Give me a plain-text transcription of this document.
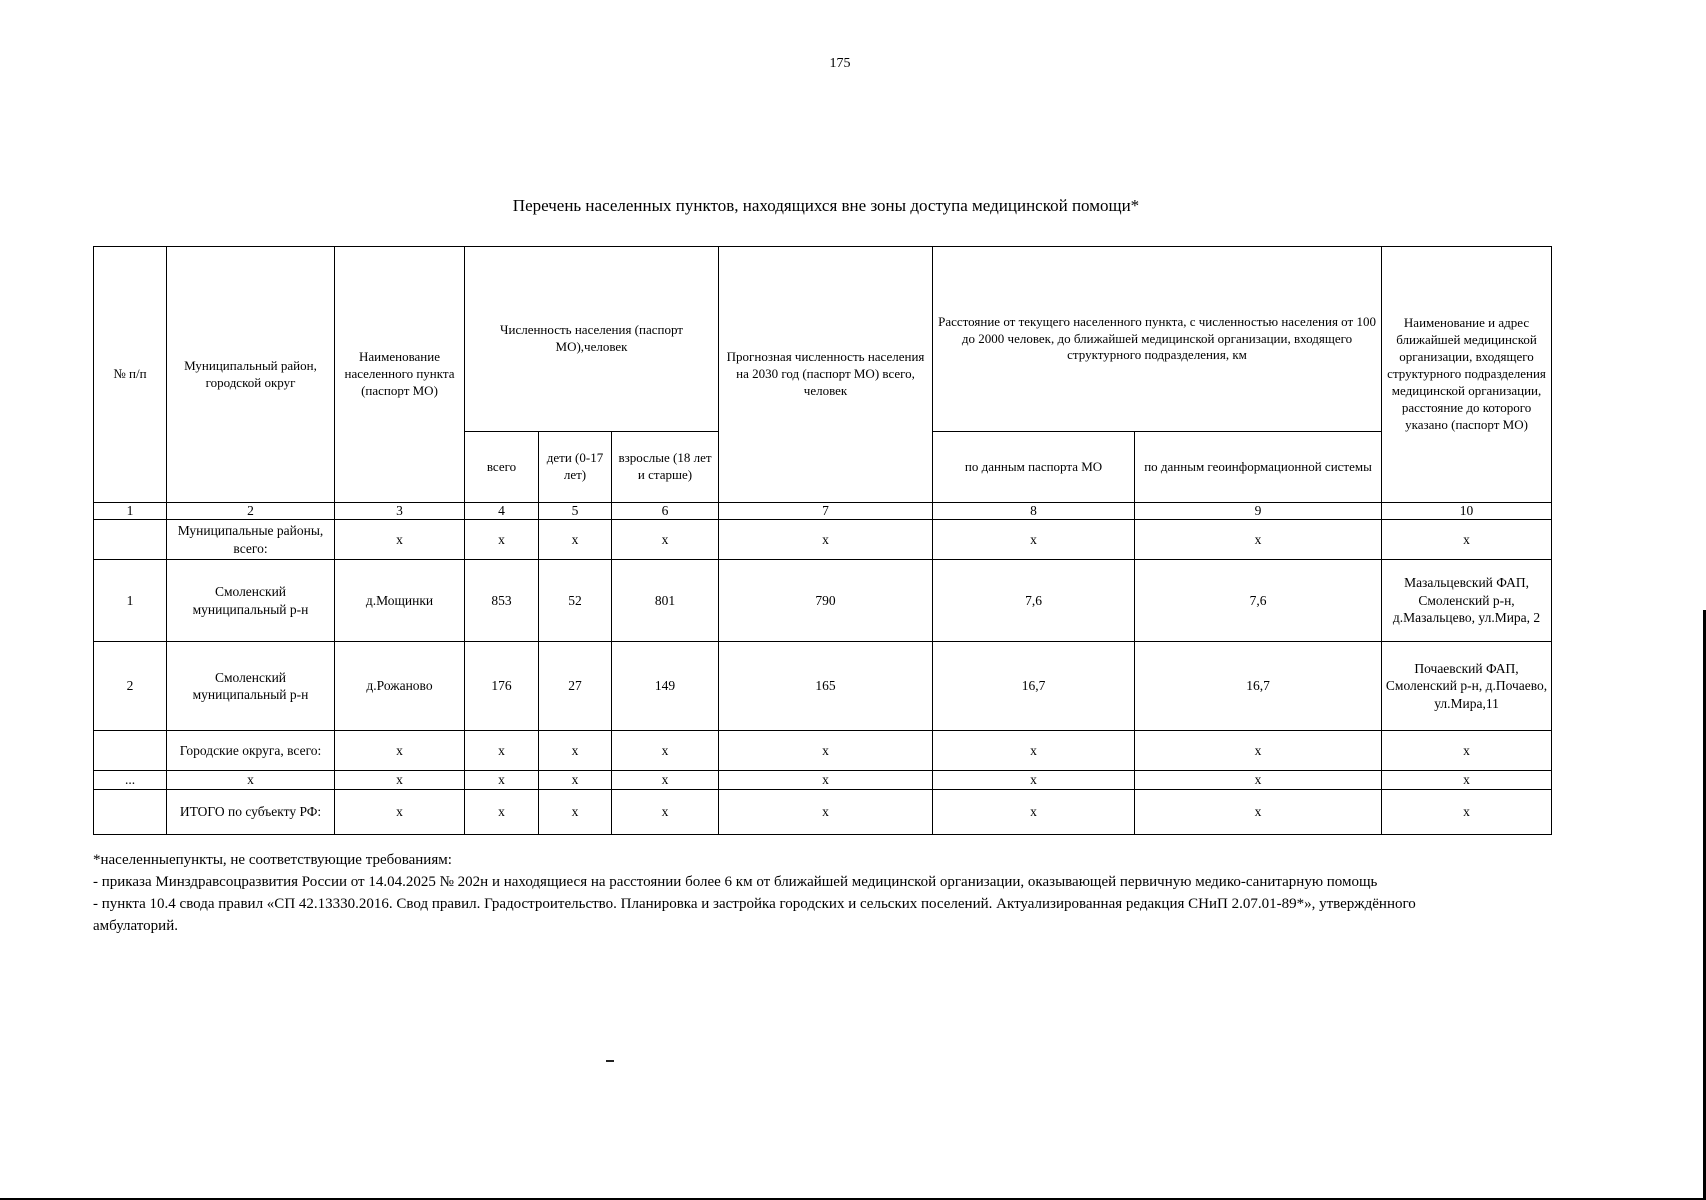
175
Перечень населенных пунктов, находящихся вне зоны доступа медицинской помощи*
№ п/п	Муниципальный район, городской округ	Наименование населенного пункта (паспорт МО)	Численность населения (паспорт МО),человек			Прогнозная численность населения на 2030 год (паспорт МО) всего, человек	Расстояние от текущего населенного пункта, с численностью населения от 100 до 2000 человек, до ближайшей медицинской организации, входящего структурного подразделения, км		Наименование и адрес ближайшей медицинской организации, входящего структурного подразделения медицинской организации, расстояние до которого указано (паспорт МО)
			всего	дети (0-17 лет)	взрослые (18 лет и старше)		по данным паспорта МО	по данным геоинформационной системы	
1	2	3	4	5	6	7	8	9	10
	Муниципальные районы, всего:	x	x	x	x	x	x	x	x
1	Смоленский муниципальный р-н	д.Мощинки	853	52	801	790	7,6	7,6	Мазальцевский ФАП, Смоленский р-н, д.Мазальцево, ул.Мира, 2
2	Смоленский муниципальный р-н	д.Рожаново	176	27	149	165	16,7	16,7	Почаевский ФАП, Смоленский р-н, д.Почаево, ул.Мира,11
	Городские округа, всего:	x	x	x	x	x	x	x	x
...	x	x	x	x	x	x	x	x	x
	ИТОГО по субъекту РФ:	x	x	x	x	x	x	x	x
*населенныепункты, не соответствующие требованиям:
- приказа Минздравсоцразвития России от 14.04.2025 № 202н и находящиеся на расстоянии более 6 км от ближайшей медицинской организации, оказывающей первичную медико-санитарную помощь
- пункта 10.4 свода правил «СП 42.13330.2016. Свод правил. Градостроительство. Планировка и застройка городских и сельских поселений. Актуализированная редакция СНиП 2.07.01-89*», утверждённого
амбулаторий.
